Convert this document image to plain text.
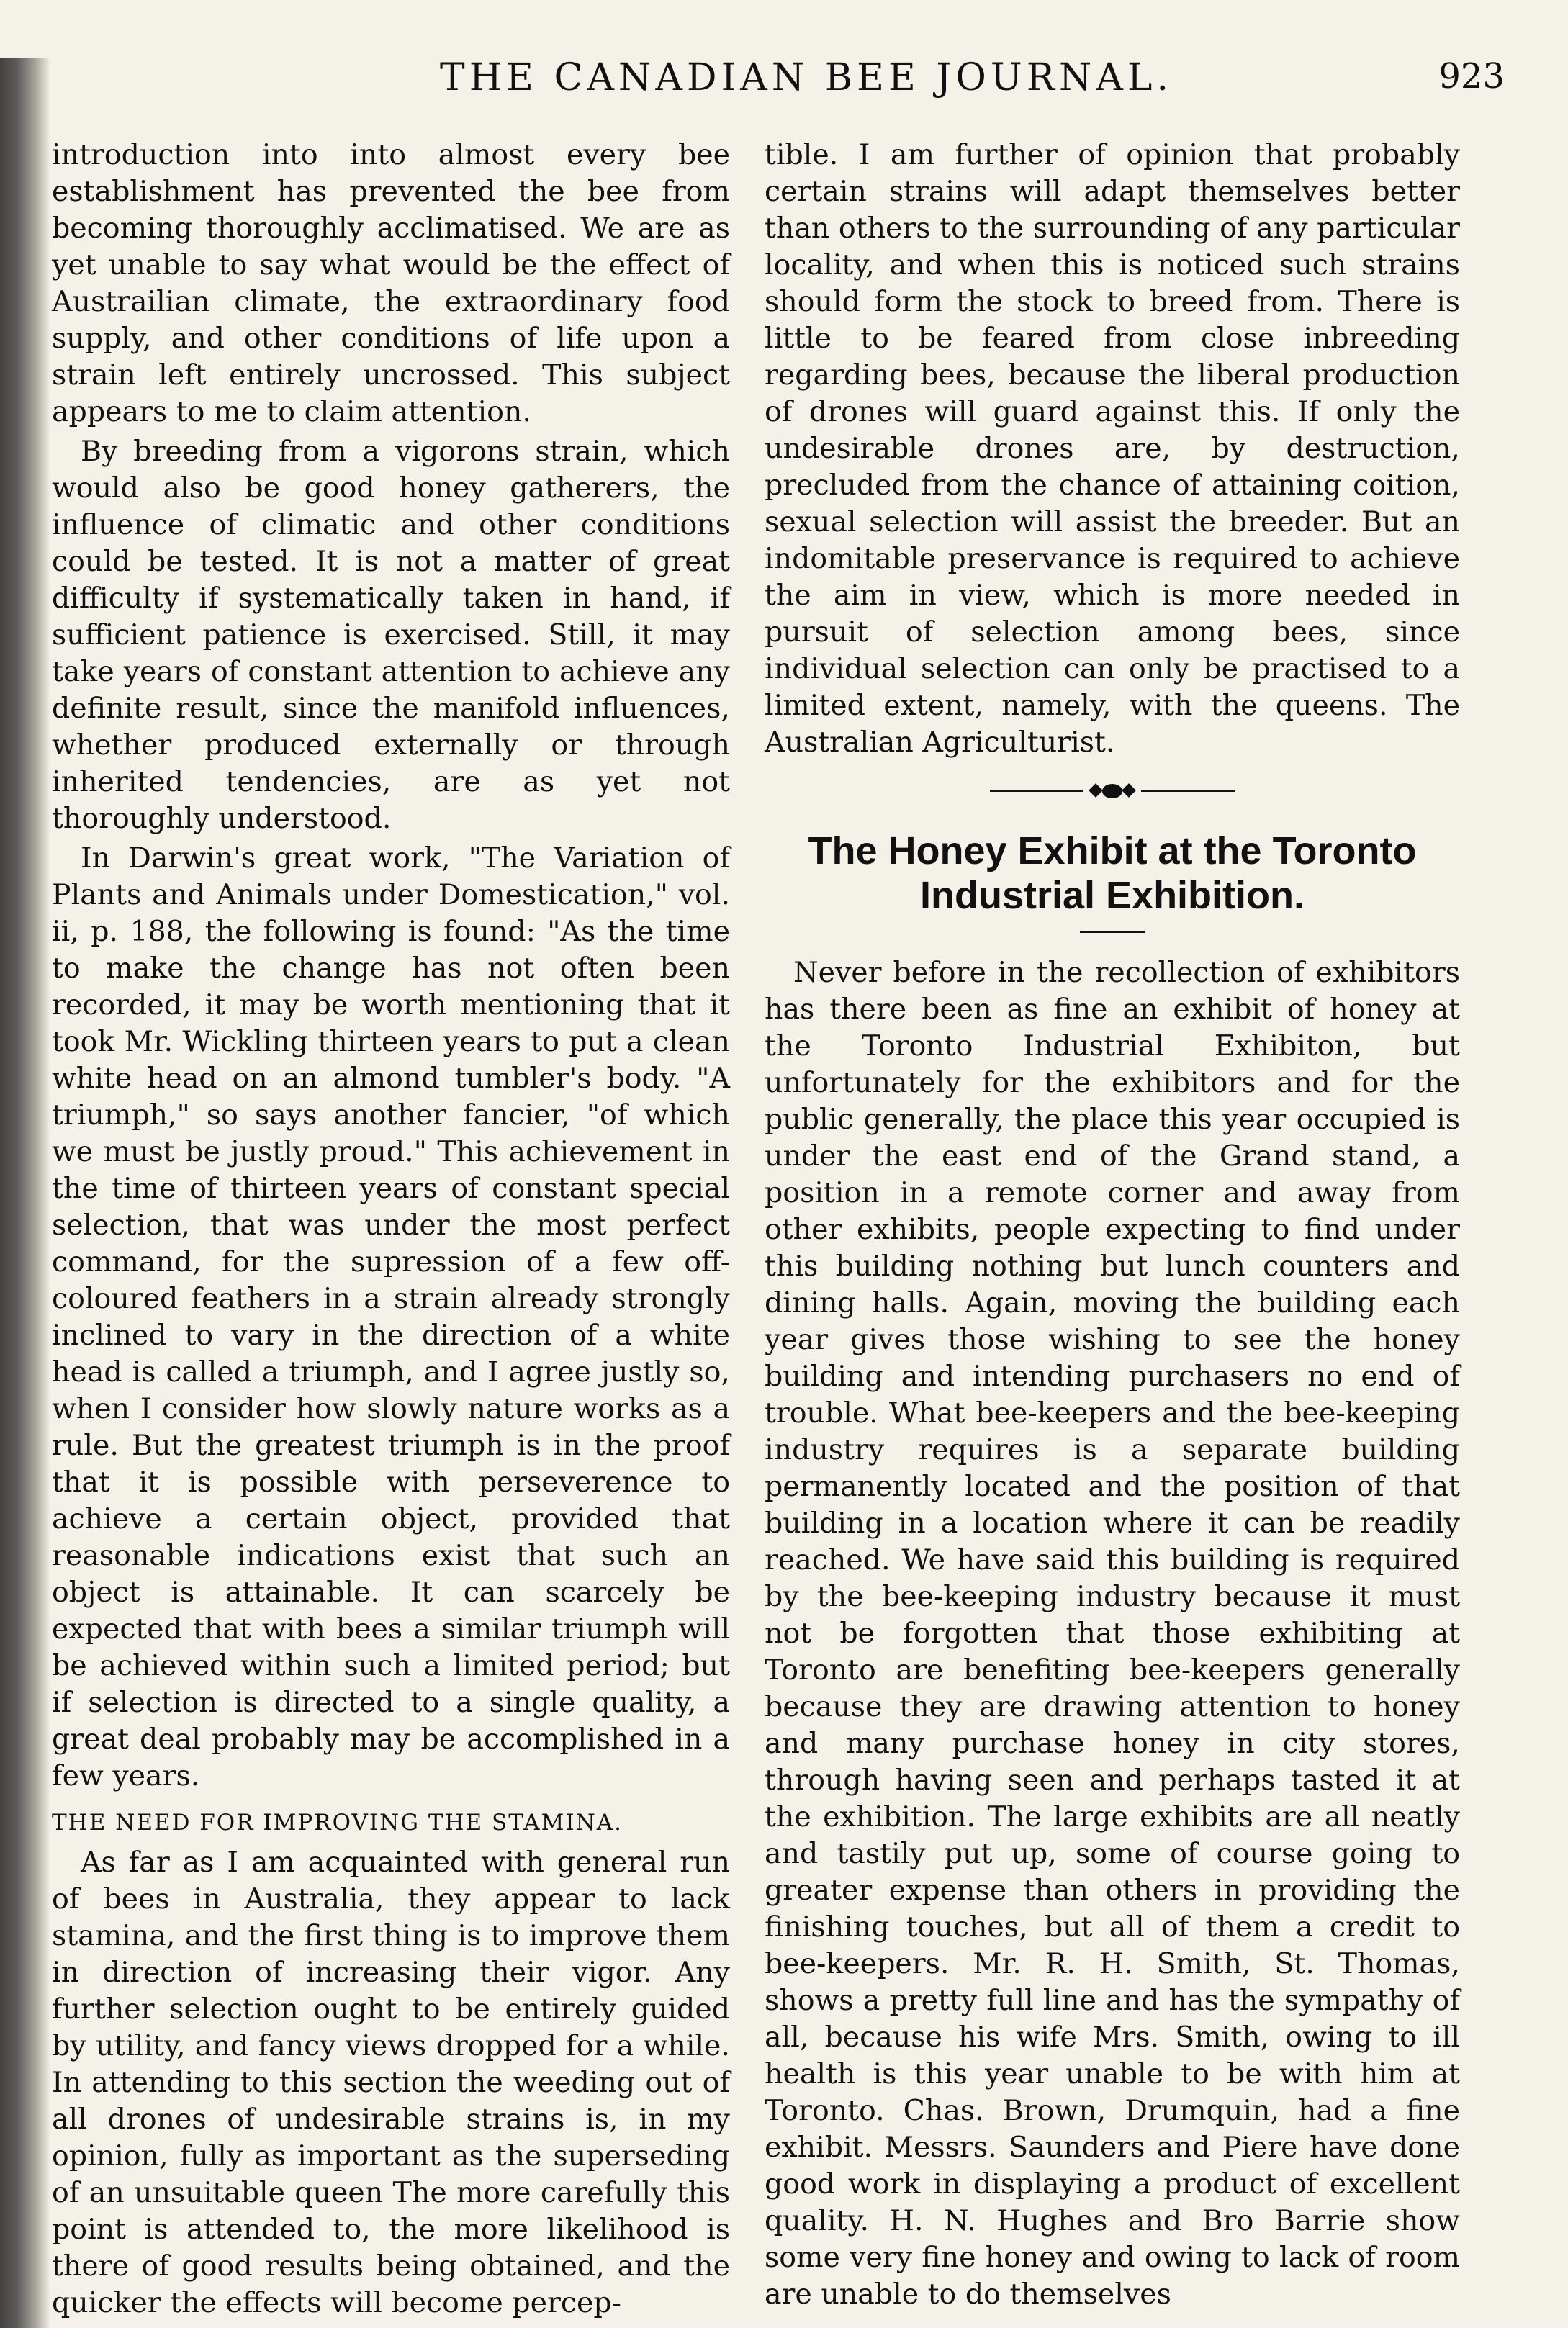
THE CANADIAN BEE JOURNAL.	923

introduction into into almost every bee establishment has prevented the bee from becoming thoroughly acclimatised. We are as yet unable to say what would be the effect of Austrailian climate, the extraordinary food supply, and other conditions of life upon a strain left entirely uncrossed. This subject appears to me to claim attention.

By breeding from a vigorons strain, which would also be good honey gatherers, the influence of climatic and other conditions could be tested. It is not a matter of great difficulty if systematically taken in hand, if sufficient patience is exercised. Still, it may take years of constant attention to achieve any definite result, since the manifold influences, whether produced externally or through inherited tendencies, are as yet not thoroughly understood.

In Darwin's great work, "The Variation of Plants and Animals under Domestication," vol. ii, p. 188, the following is found: "As the time to make the change has not often been recorded, it may be worth mentioning that it took Mr. Wickling thirteen years to put a clean white head on an almond tumbler's body. "A triumph," so says another fancier, "of which we must be justly proud." This achievement in the time of thirteen years of constant special selection, that was under the most perfect command, for the supression of a few off-coloured feathers in a strain already strongly inclined to vary in the direction of a white head is called a triumph, and I agree justly so, when I consider how slowly nature works as a rule. But the greatest triumph is in the proof that it is possible with perseverence to achieve a certain object, provided that reasonable indications exist that such an object is attainable. It can scarcely be expected that with bees a similar triumph will be achieved within such a limited period; but if selection is directed to a single quality, a great deal probably may be accomplished in a few years.

THE NEED FOR IMPROVING THE STAMINA.

As far as I am acquainted with general run of bees in Australia, they appear to lack stamina, and the first thing is to improve them in direction of increasing their vigor. Any further selection ought to be entirely guided by utility, and fancy views dropped for a while. In attending to this section the weeding out of all drones of undesirable strains is, in my opinion, fully as important as the superseding of an unsuitable queen The more carefully this point is attended to, the more likelihood is there of good results being obtained, and the quicker the effects will become percep-

tible. I am further of opinion that probably certain strains will adapt themselves better than others to the surrounding of any particular locality, and when this is noticed such strains should form the stock to breed from. There is little to be feared from close inbreeding regarding bees, because the liberal production of drones will guard against this. If only the undesirable drones are, by destruction, precluded from the chance of attaining coition, sexual selection will assist the breeder. But an indomitable preservance is required to achieve the aim in view, which is more needed in pursuit of selection among bees, since individual selection can only be practised to a limited extent, namely, with the queens. The Australian Agriculturist.

The Honey Exhibit at the Toronto Industrial Exhibition.

Never before in the recollection of exhibitors has there been as fine an exhibit of honey at the Toronto Industrial Exhibiton, but unfortunately for the exhibitors and for the public generally, the place this year occupied is under the east end of the Grand stand, a position in a remote corner and away from other exhibits, people expecting to find under this building nothing but lunch counters and dining halls. Again, moving the building each year gives those wishing to see the honey building and intending purchasers no end of trouble. What bee-keepers and the bee-keeping industry requires is a separate building permanently located and the position of that building in a location where it can be readily reached. We have said this building is required by the bee-keeping industry because it must not be forgotten that those exhibiting at Toronto are benefiting bee-keepers generally because they are drawing attention to honey and many purchase honey in city stores, through having seen and perhaps tasted it at the exhibition. The large exhibits are all neatly and tastily put up, some of course going to greater expense than others in providing the finishing touches, but all of them a credit to bee-keepers. Mr. R. H. Smith, St. Thomas, shows a pretty full line and has the sympathy of all, because his wife Mrs. Smith, owing to ill health is this year unable to be with him at Toronto. Chas. Brown, Drumquin, had a fine exhibit. Messrs. Saunders and Piere have done good work in displaying a product of excellent quality. H. N. Hughes and Bro Barrie show some very fine honey and owing to lack of room are unable to do themselves
